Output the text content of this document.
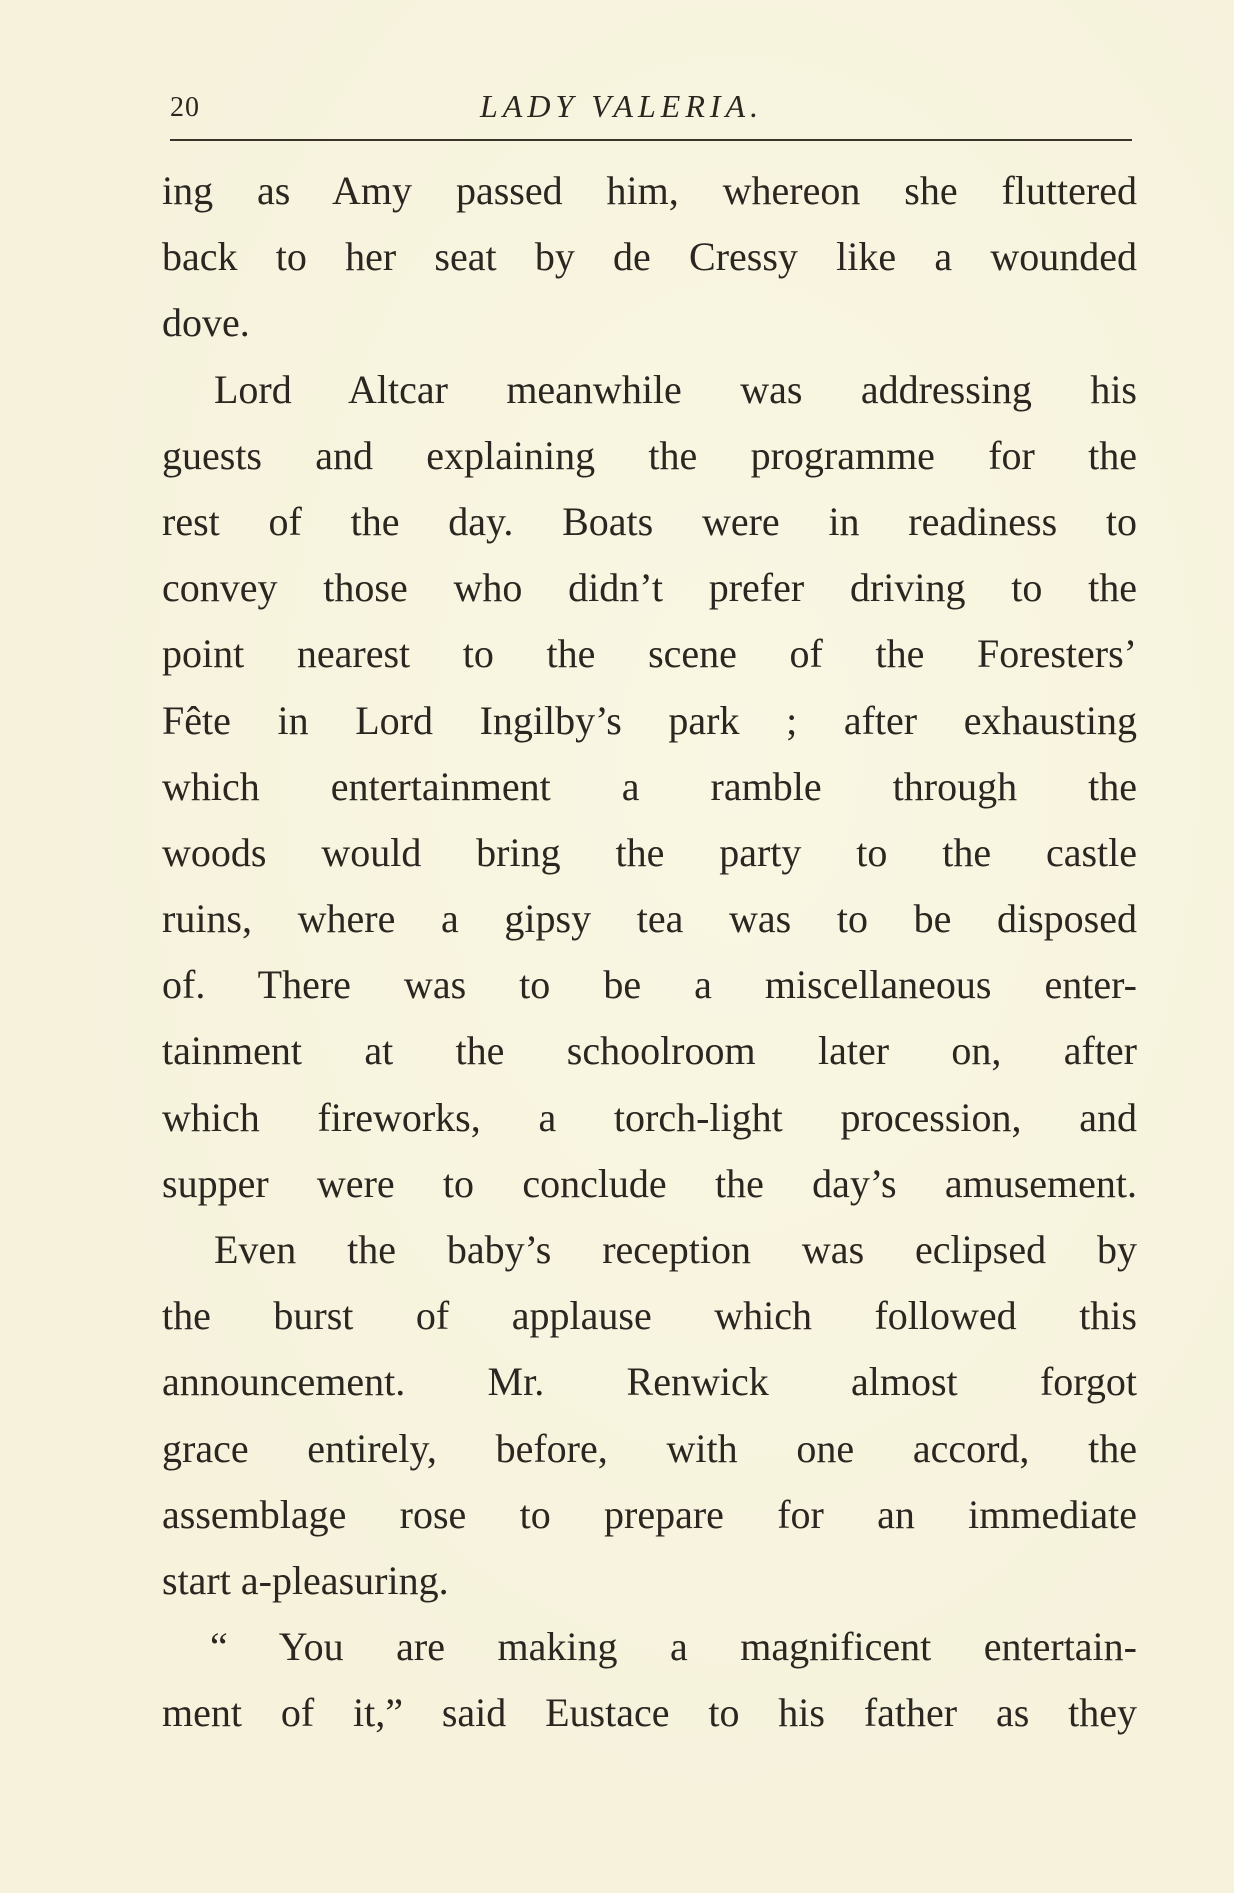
20	LADY VALERIA.
ing as Amy passed him, whereon she fluttered
back to her seat by de Cressy like a wounded
dove.
Lord Altcar meanwhile was addressing his
guests and explaining the programme for the
rest of the day. Boats were in readiness to
convey those who didn’t prefer driving to the
point nearest to the scene of the Foresters’
Fête in Lord Ingilby’s park ; after exhausting
which entertainment a ramble through the
woods would bring the party to the castle
ruins, where a gipsy tea was to be disposed
of. There was to be a miscellaneous enter-
tainment at the schoolroom later on, after
which fireworks, a torch-light procession, and
supper were to conclude the day’s amusement.
Even the baby’s reception was eclipsed by
the burst of applause which followed this
announcement. Mr. Renwick almost forgot
grace entirely, before, with one accord, the
assemblage rose to prepare for an immediate
start a-pleasuring.
“ You are making a magnificent entertain-
ment of it,” said Eustace to his father as they
